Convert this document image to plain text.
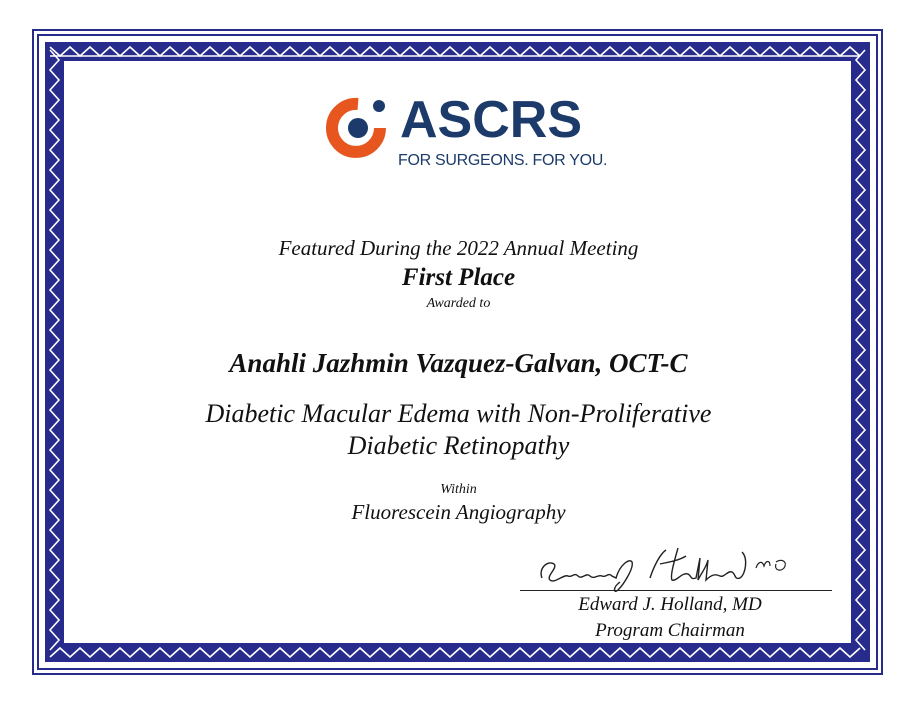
ASCRS
FOR SURGEONS. FOR YOU.
Featured During the 2022 Annual Meeting
First Place
Awarded to
Anahli Jazhmin Vazquez-Galvan, OCT-C
Diabetic Macular Edema with Non-Proliferative Diabetic Retinopathy
Within
Fluorescein Angiography
Edward J. Holland, MD
Program Chairman
